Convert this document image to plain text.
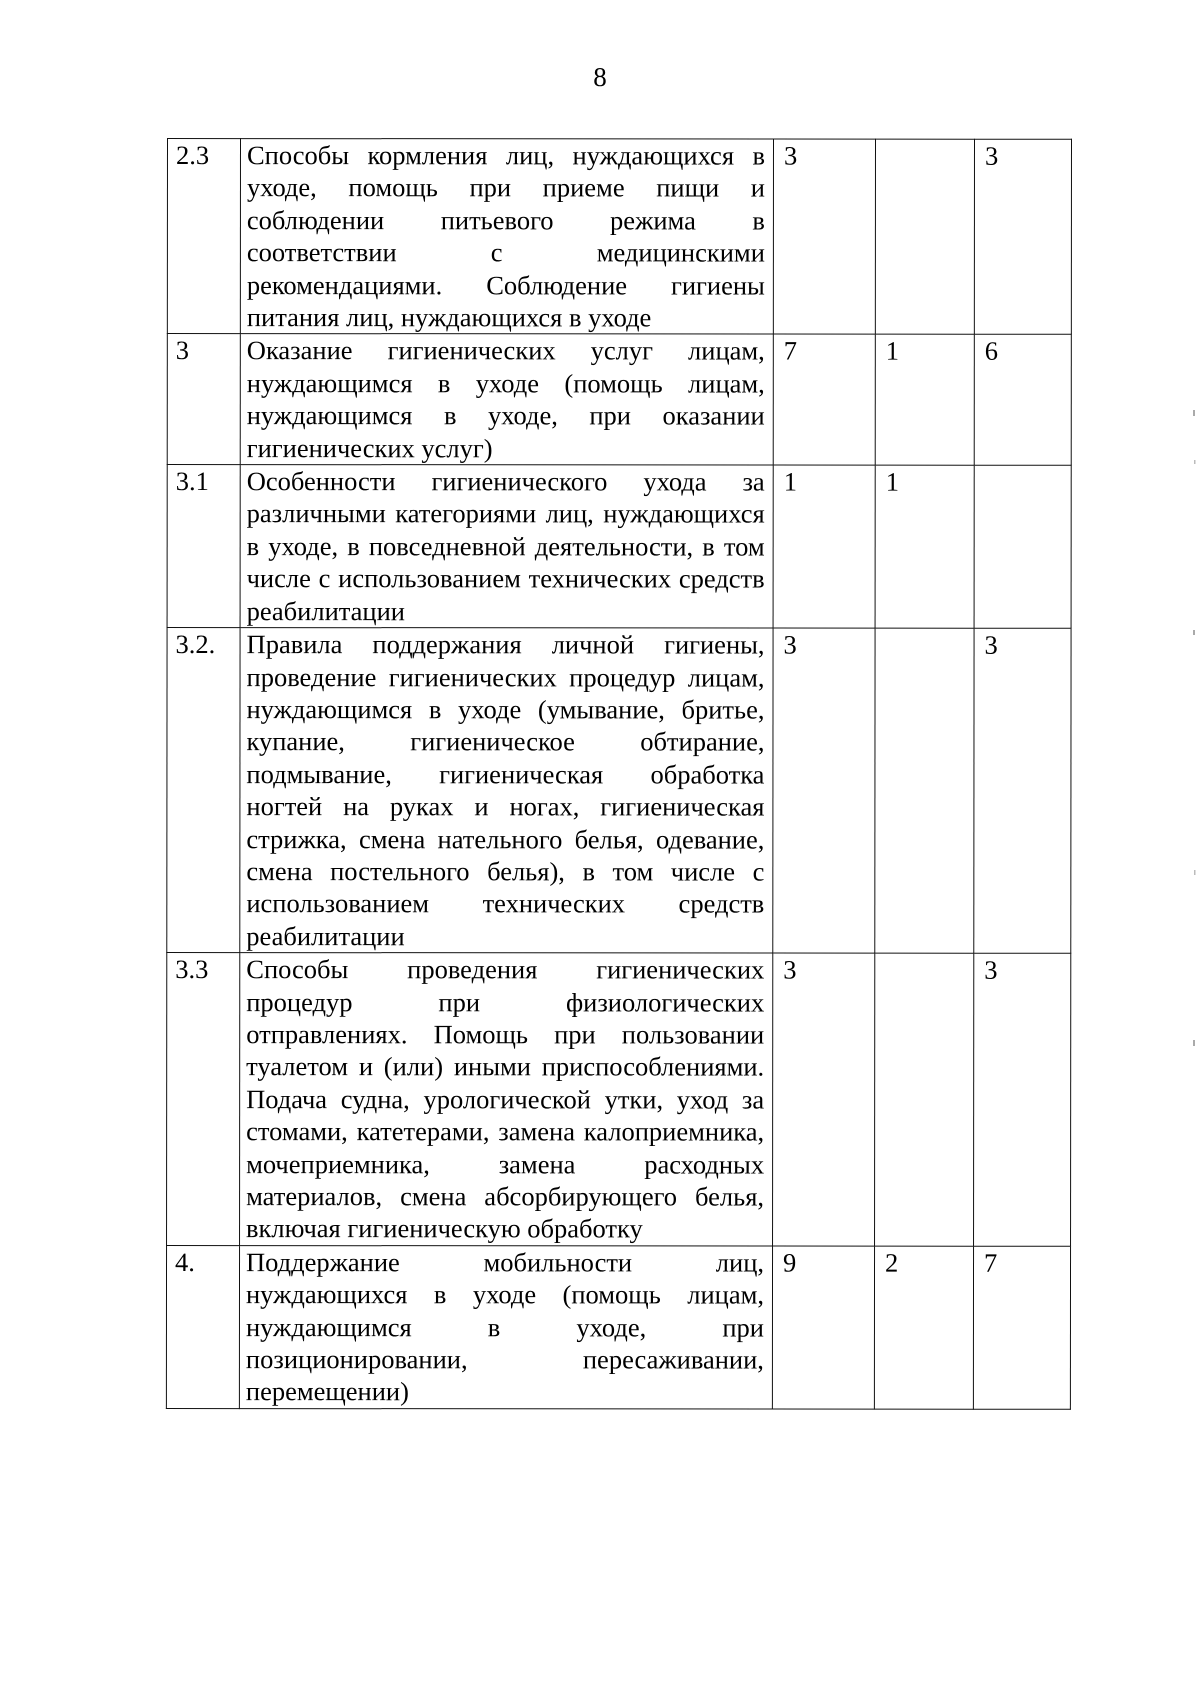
8
2.3	Способы кормления лиц, нуждающихся в уходе, помощь при приеме пищи и соблюдении питьевого режима в соответствии с медицинскими рекомендациями. Соблюдение гигиены питания лиц, нуждающихся в уходе	3		3
3	Оказание гигиенических услуг лицам, нуждающимся в уходе (помощь лицам, нуждающимся в уходе, при оказании гигиенических услуг)	7	1	6
3.1	Особенности гигиенического ухода за различными категориями лиц, нуждающихся в уходе, в повседневной деятельности, в том числе с использованием технических средств реабилитации	1	1	
3.2.	Правила поддержания личной гигиены, проведение гигиенических процедур лицам, нуждающимся в уходе (умывание, бритье, купание, гигиеническое обтирание, подмывание, гигиеническая обработка ногтей на руках и ногах, гигиеническая стрижка, смена нательного белья, одевание, смена постельного белья), в том числе с использованием технических средств реабилитации	3		3
3.3	Способы проведения гигиенических процедур при физиологических отправлениях. Помощь при пользовании туалетом и (или) иными приспособлениями. Подача судна, урологической утки, уход за стомами, катетерами, замена калоприемника, мочеприемника, замена расходных материалов, смена абсорбирующего белья, включая гигиеническую обработку	3		3
4.	Поддержание мобильности лиц, нуждающихся в уходе (помощь лицам, нуждающимся в уходе, при позиционировании, пересаживании, перемещении)	9	2	7
